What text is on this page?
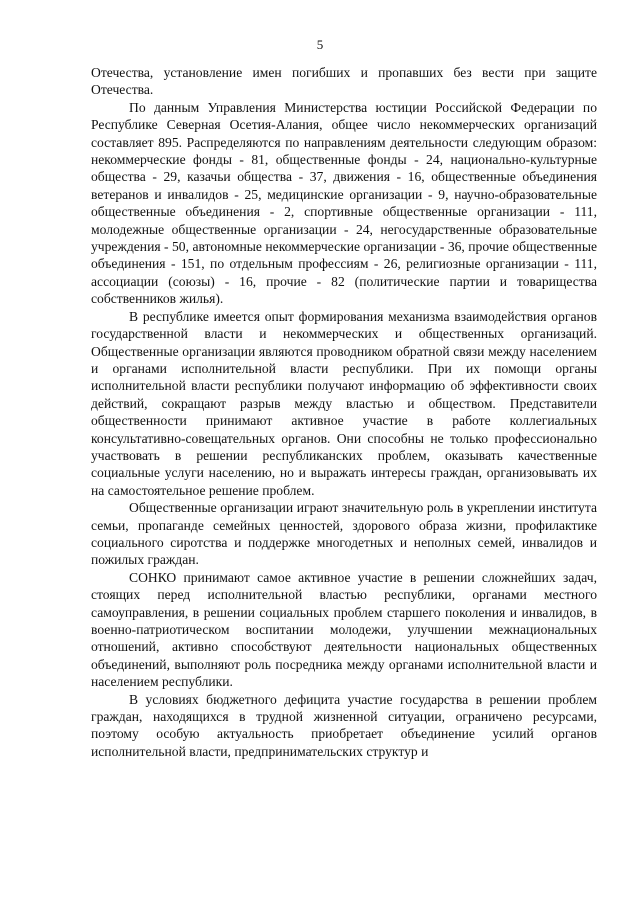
5

Отечества, установление имен погибших и пропавших без вести при защите Отечества.

По данным Управления Министерства юстиции Российской Федерации по Республике Северная Осетия-Алания, общее число некоммерческих организаций составляет 895. Распределяются по направлениям деятельности следующим образом: некоммерческие фонды - 81, общественные фонды - 24, национально-культурные общества - 29, казачьи общества - 37, движения - 16, общественные объединения ветеранов и инвалидов - 25, медицинские организации - 9, научно-образовательные общественные объединения - 2, спортивные общественные организации - 111, молодежные общественные организации - 24, негосударственные образовательные учреждения - 50, автономные некоммерческие организации - 36, прочие общественные объединения - 151, по отдельным профессиям - 26, религиозные организации - 111, ассоциации (союзы) - 16, прочие - 82 (политические партии и товарищества собственников жилья).

В республике имеется опыт формирования механизма взаимодействия органов государственной власти и некоммерческих и общественных организаций. Общественные организации являются проводником обратной связи между населением и органами исполнительной власти республики. При их помощи органы исполнительной власти республики получают информацию об эффективности своих действий, сокращают разрыв между властью и обществом. Представители общественности принимают активное участие в работе коллегиальных консультативно-совещательных органов. Они способны не только профессионально участвовать в решении республиканских проблем, оказывать качественные социальные услуги населению, но и выражать интересы граждан, организовывать их на самостоятельное решение проблем.

Общественные организации играют значительную роль в укреплении института семьи, пропаганде семейных ценностей, здорового образа жизни, профилактике социального сиротства и поддержке многодетных и неполных семей, инвалидов и пожилых граждан.

СОНКО принимают самое активное участие в решении сложнейших задач, стоящих перед исполнительной властью республики, органами местного самоуправления, в решении социальных проблем старшего поколения и инвалидов, в военно-патриотическом воспитании молодежи, улучшении межнациональных отношений, активно способствуют деятельности национальных общественных объединений, выполняют роль посредника между органами исполнительной власти и населением республики.

В условиях бюджетного дефицита участие государства в решении проблем граждан, находящихся в трудной жизненной ситуации, ограничено ресурсами, поэтому особую актуальность приобретает объединение усилий органов исполнительной власти, предпринимательских структур и
